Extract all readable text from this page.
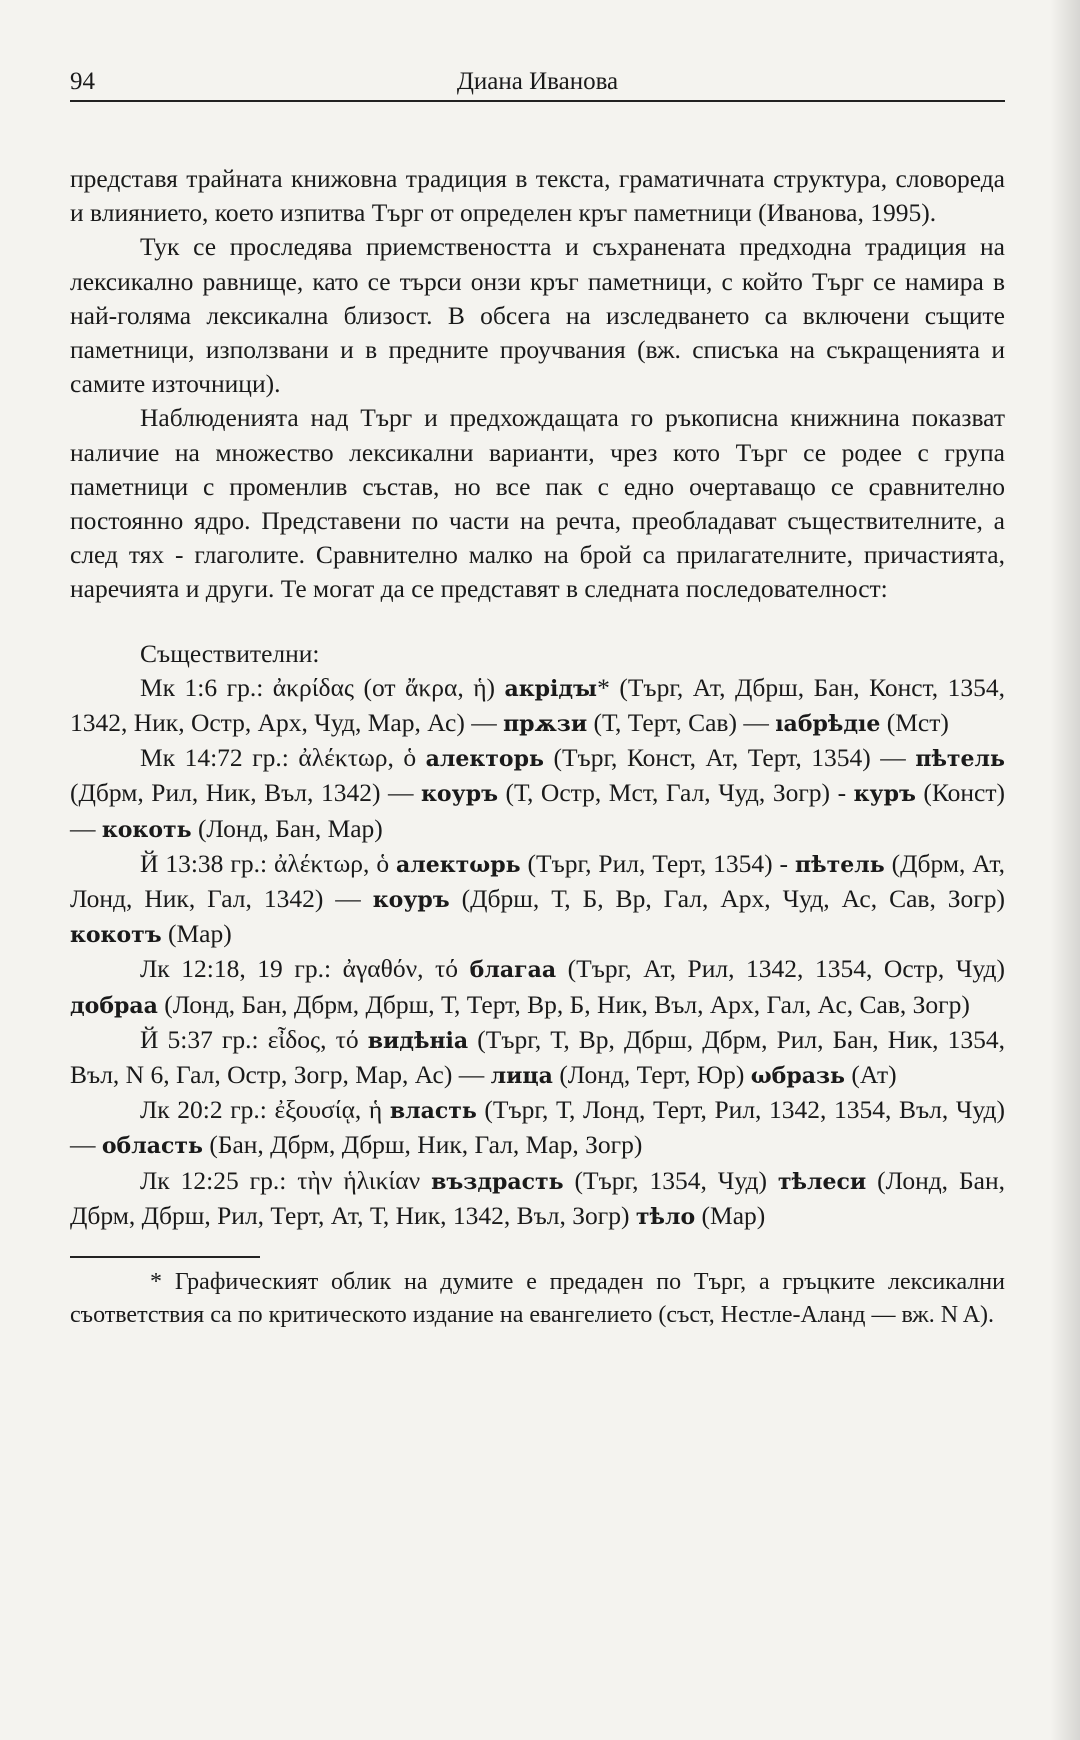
94	Диана Иванова

представя трайната книжовна традиция в текста, граматичната структура, словореда и влиянието, което изпитва Търг от определен кръг паметници (Иванова, 1995).

Тук се проследява приемствеността и съхранената предходна традиция на лексикално равнище, като се търси онзи кръг паметници, с който Търг се намира в най-голяма лексикална близост. В обсега на изследването са включени същите паметници, използвани и в предните проучвания (вж. списъка на съкращенията и самите източници).

Наблюденията над Търг и предхождащата го ръкописна книжнина показват наличие на множество лексикални варианти, чрез кото Търг се родее с група паметници с променлив състав, но все пак с едно очертаващо се сравнително постоянно ядро. Представени по части на речта, преобладават съществителните, а след тях - глаголите. Сравнително малко на брой са прилагателните, причастията, наречията и други. Те могат да се представят в следната последователност:

Съществителни:

Мк 1:6 гр.: ἀκρίδας (от ἄκρα, ἡ) акрідꙑ* (Търг, Ат, Дбрш, Бан, Конст, 1354, 1342, Ник, Остр, Арх, Чуд, Мар, Ас) — прѫзи (Т, Терт, Сав) — ıабрѣдıе (Мст)

Мк 14:72 гр.: ἀλέκτωρ, ὁ алекторь (Търг, Конст, Ат, Терт, 1354) — пѣтель (Дбрм, Рил, Ник, Въл, 1342) — коуръ (Т, Остр, Мст, Гал, Чуд, Зогр) - куръ (Конст) — кокоть (Лонд, Бан, Мар)

Й 13:38 гр.: ἀλέκτωρ, ὁ алектωрь (Търг, Рил, Терт, 1354) - пѣтель (Дбрм, Ат, Лонд, Ник, Гал, 1342) — коуръ (Дбрш, Т, Б, Вр, Гал, Арх, Чуд, Ас, Сав, Зогр) кокотъ (Мар)

Лк 12:18, 19 гр.: ἀγαθόν, τό благаа (Търг, Ат, Рил, 1342, 1354, Остр, Чуд) добраа (Лонд, Бан, Дбрм, Дбрш, Т, Терт, Вр, Б, Ник, Въл, Арх, Гал, Ас, Сав, Зогр)

Й 5:37 гр.: εἶδος, τό видѣніа (Търг, Т, Вр, Дбрш, Дбрм, Рил, Бан, Ник, 1354, Въл, N 6, Гал, Остр, Зогр, Мар, Ас) — лица (Лонд, Терт, Юр) ωбразь (Ат)

Лк 20:2 гр.: ἐξουσίᾳ, ἡ власть (Търг, Т, Лонд, Терт, Рил, 1342, 1354, Въл, Чуд) — область (Бан, Дбрм, Дбрш, Ник, Гал, Мар, Зогр)

Лк 12:25 гр.: τὴν ἡλικίαν въздрасть (Търг, 1354, Чуд) тѣлеси (Лонд, Бан, Дбрм, Дбрш, Рил, Терт, Ат, Т, Ник, 1342, Въл, Зогр) тѣло (Мар)

* Графическият облик на думите е предаден по Търг, а гръцките лексикални съответствия са по критическото издание на евангелието (съст, Нестле-Аланд — вж. N A).
